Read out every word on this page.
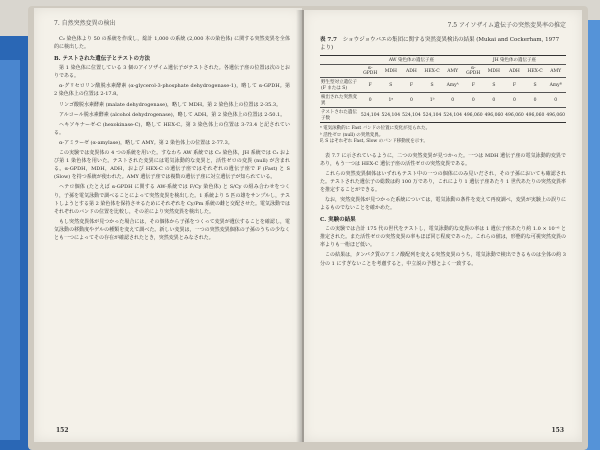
7. 自然突然変異の検出

C₂ 染色体より 50 の系統を作成し，総計 1,000 の系統 (2,000 本の染色体) に関する突然変異を全体的に検出した。

B. テストされた遺伝子とテストの方法

第 1 染色体に位置している 3 個のアイソザイム遺伝子がテストされた。各遺伝子座の位置は次のとおりである。

α-グリセロリン酸脱水素酵素 (α-glycerol-3-phosphate dehydrogenase-1)，略して α-GPDH。第 2 染色体上の位置は 2-17.8。

リンゴ酸脱水素酵素 (malate dehydrogenase)，略して MDH。第 2 染色体上の位置は 2-35.3。

アルコール脱水素酵素 (alcohol dehydrogenase)，略して ADH。第 2 染色体上の位置は 2-50.1。

ヘキソキナーゼ-C (hexokinase-C)，略して HEX-C。第 3 染色体上の位置は 3-73.4 と記されている。

α-アミラーゼ (α-amylase)，略して AMY。第 2 染色体上の位置は 2-77.3。

この実験では変異体の 4 つの系統を用いた。すなわち AW 系統では C₂ 染色体，JH 系統では C₂ および第 1 染色体を用いた。テストされた変異には電気泳動的な変異と，活性ゼロの変異 (null) が含まれる。α-GPDH，MDH，ADH，および HEX-C の遺伝子座ではそれぞれの遺伝子座で F (Fast) と S (Slow) を持つ系統が使われた。AMY 遺伝子座では複数の遺伝子座に対立遺伝子が知られている。

ヘテロ個体 (たとえば α-GPDH に関する AW-系統では F/Cy 染色体) と S/Cy の組み合わせをつくり，子孫を電気泳動で調べることによって突然変異を検出した。1 系統より 5 匹の雄をサンプルし，テストしようとする第 2 染色体を保持させるためにそれぞれを Cy/Pm 系統の雌と交配させた。電気泳動ではそれぞれのバンドの位置を比較し，その差により突然変異を検出した。

もし突然変異体が見つかった場合には，その個体から子孫をつくって変異が遺伝することを確認し，電気泳動の移動度やゲルの種類を変えて調べた。新しい変異は，一つの突然変異個体の子孫のうちの少なくとも一つによってその存在が確認されたとき，突然変異とみなされた。

152
7.5 アイソザイム遺伝子の突然変異率の推定
表 7.7 ショウジョウバエの集団に関する突然変異検出の結果 (Mukai and Cockerham, 1977 より)
	AW 染色体の遺伝子座					JH 染色体の遺伝子座				
	α-GPDH	MDH	ADH	HEX-C	AMY	α-GPDH	MDH	ADH	HEX-C	AMY
野生型対立遺伝子 (F または S)	F	S	F	S	Amyᴬ	F	S	F	S	Amyᴮ
検出された突然変異	0	1ᵃ	0	1ᵇ	0	0	0	0	0	0
テストされた遺伝子数	524,104	524,104	524,104	524,104	524,104	496,060	496,060	496,060	496,060	496,060
ᵃ 電気泳動的に Fast バンドの位置に変化が見られた。
ᵇ 活性ゼロ (null) の突然変異。
F, S はそれぞれ Fast, Slow のバンド移動度を示す。

表 7.7 に示されているように，二つの突然変異が見つかった。一つは MDH 遺伝子座の電気泳動的変異であり，もう一つは HEX-C 遺伝子座の活性ゼロの突然変異である。

これらの突然変異個体はいずれもテスト中の一つの個体にのみ見いだされ，その子孫においても確認された。テストされた遺伝子の総数は約 100 万であり，これにより 1 遺伝子座あたり 1 世代あたりの突然変異率を推定することができる。

なお，突然変異体が見つかった系統については，電気泳動の条件を変えて再度調べ，変異が実験上の誤りによるものでないことを確かめた。

C. 実験の結果

この実験では合計 175 代の世代をテストし，電気泳動的な変異の率は 1 遺伝子座あたり約 1.0 × 10⁻⁶ と推定された。また活性ゼロの突然変異の率もほぼ同じ程度であった。これらの値は，形態的な可視突然変異の率よりも一桁ほど低い。

この結果は，タンパク質のアミノ酸配列を変える突然変異のうち，電気泳動で検出できるものは全体の約 3 分の 1 にすぎないことを考慮すると，中立説の予想とよく一致する。

153
